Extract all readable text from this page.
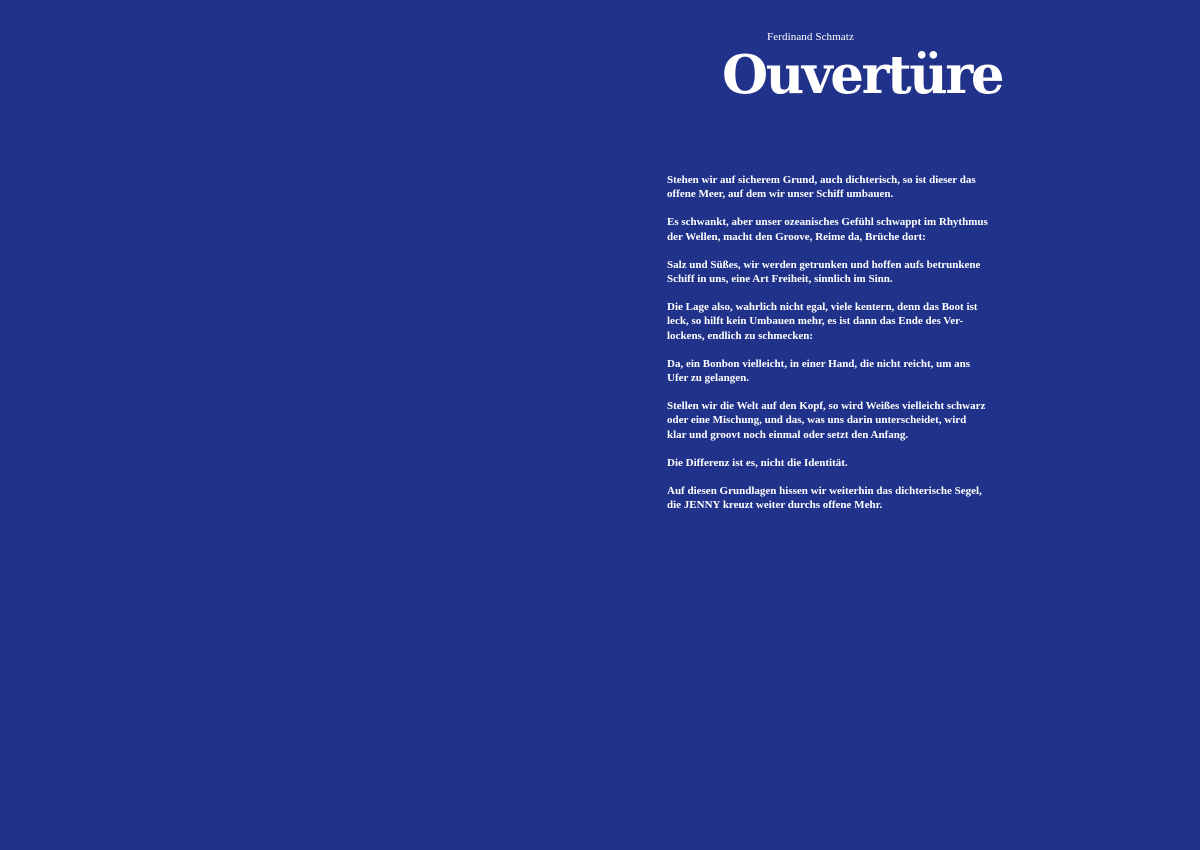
Ferdinand Schmatz
Ouvertüre

Stehen wir auf sicherem Grund, auch dichterisch, so ist dieser das
offene Meer, auf dem wir unser Schiff umbauen.

Es schwankt, aber unser ozeanisches Gefühl schwappt im Rhythmus
der Wellen, macht den Groove, Reime da, Brüche dort:

Salz und Süßes, wir werden getrunken und hoffen aufs betrunkene
Schiff in uns, eine Art Freiheit, sinnlich im Sinn.

Die Lage also, wahrlich nicht egal, viele kentern, denn das Boot ist
leck, so hilft kein Umbauen mehr, es ist dann das Ende des Ver-
lockens, endlich zu schmecken:

Da, ein Bonbon vielleicht, in einer Hand, die nicht reicht, um ans
Ufer zu gelangen.

Stellen wir die Welt auf den Kopf, so wird Weißes vielleicht schwarz
oder eine Mischung, und das, was uns darin unterscheidet, wird
klar und groovt noch einmal oder setzt den Anfang.

Die Differenz ist es, nicht die Identität.

Auf diesen Grundlagen hissen wir weiterhin das dichterische Segel,
die JENNY kreuzt weiter durchs offene Mehr.
